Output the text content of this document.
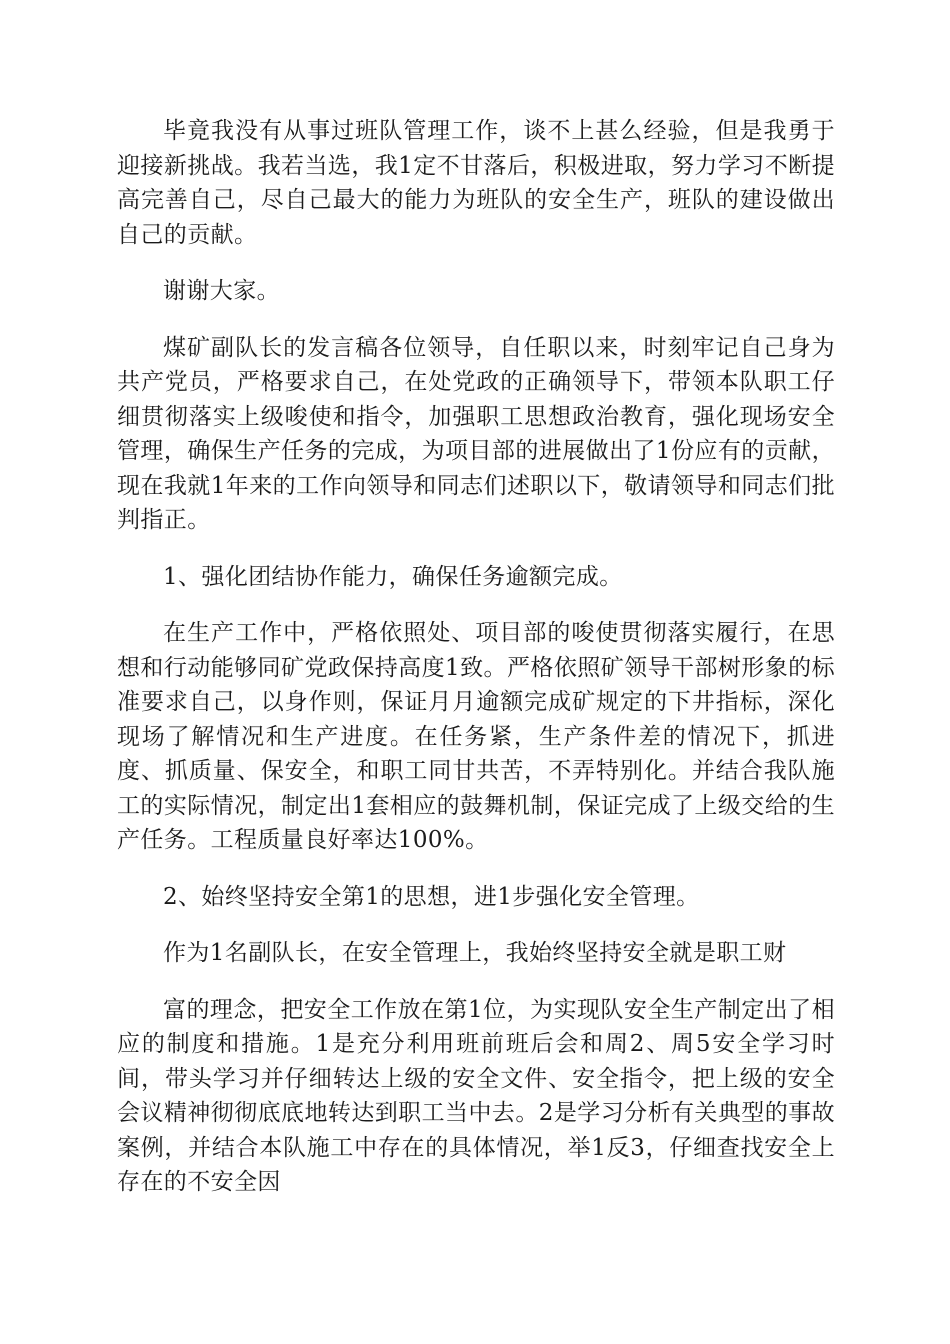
毕竟我没有从事过班队管理工作，谈不上甚么经验，但是我勇于迎接新挑战。我若当选，我1定不甘落后，积极进取，努力学习不断提高完善自己，尽自己最大的能力为班队的安全生产，班队的建设做出自己的贡献。

谢谢大家。

煤矿副队长的发言稿各位领导，自任职以来，时刻牢记自己身为共产党员，严格要求自己，在处党政的正确领导下，带领本队职工仔细贯彻落实上级唆使和指令，加强职工思想政治教育，强化现场安全管理，确保生产任务的完成，为项目部的进展做出了1份应有的贡献，现在我就1年来的工作向领导和同志们述职以下，敬请领导和同志们批判指正。

1、强化团结协作能力，确保任务逾额完成。

在生产工作中，严格依照处、项目部的唆使贯彻落实履行，在思想和行动能够同矿党政保持高度1致。严格依照矿领导干部树形象的标准要求自己，以身作则，保证月月逾额完成矿规定的下井指标，深化现场了解情况和生产进度。在任务紧，生产条件差的情况下，抓进度、抓质量、保安全，和职工同甘共苦，不弄特别化。并结合我队施工的实际情况，制定出1套相应的鼓舞机制，保证完成了上级交给的生产任务。工程质量良好率达100%。

2、始终坚持安全第1的思想，进1步强化安全管理。

作为1名副队长，在安全管理上，我始终坚持安全就是职工财

富的理念，把安全工作放在第1位，为实现队安全生产制定出了相应的制度和措施。1是充分利用班前班后会和周2、周5安全学习时间，带头学习并仔细转达上级的安全文件、安全指令，把上级的安全会议精神彻彻底底地转达到职工当中去。2是学习分析有关典型的事故案例，并结合本队施工中存在的具体情况，举1反3，仔细查找安全上存在的不安全因
